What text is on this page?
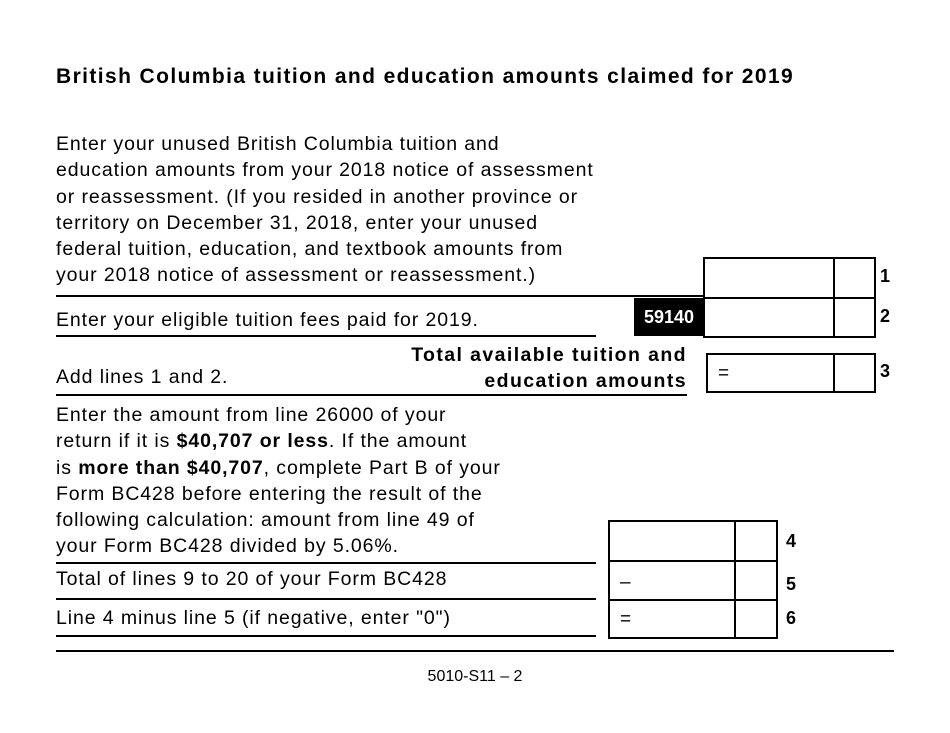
British Columbia tuition and education amounts claimed for 2019
Enter your unused British Columbia tuition and
education amounts from your 2018 notice of assessment
or reassessment. (If you resided in another province or
territory on December 31, 2018, enter your unused
federal tuition, education, and textbook amounts from
your 2018 notice of assessment or reassessment.)	1
Enter your eligible tuition fees paid for 2019.	59140	2
Add lines 1 and 2.
Total available tuition and
education amounts =	3
Enter the amount from line 26000 of your
return if it is $40,707 or less. If the amount
is more than $40,707, complete Part B of your
Form BC428 before entering the result of the
following calculation: amount from line 49 of
your Form BC428 divided by 5.06%.	4
Total of lines 9 to 20 of your Form BC428	–	5
Line 4 minus line 5 (if negative, enter "0")	=	6
5010-S11 – 2
